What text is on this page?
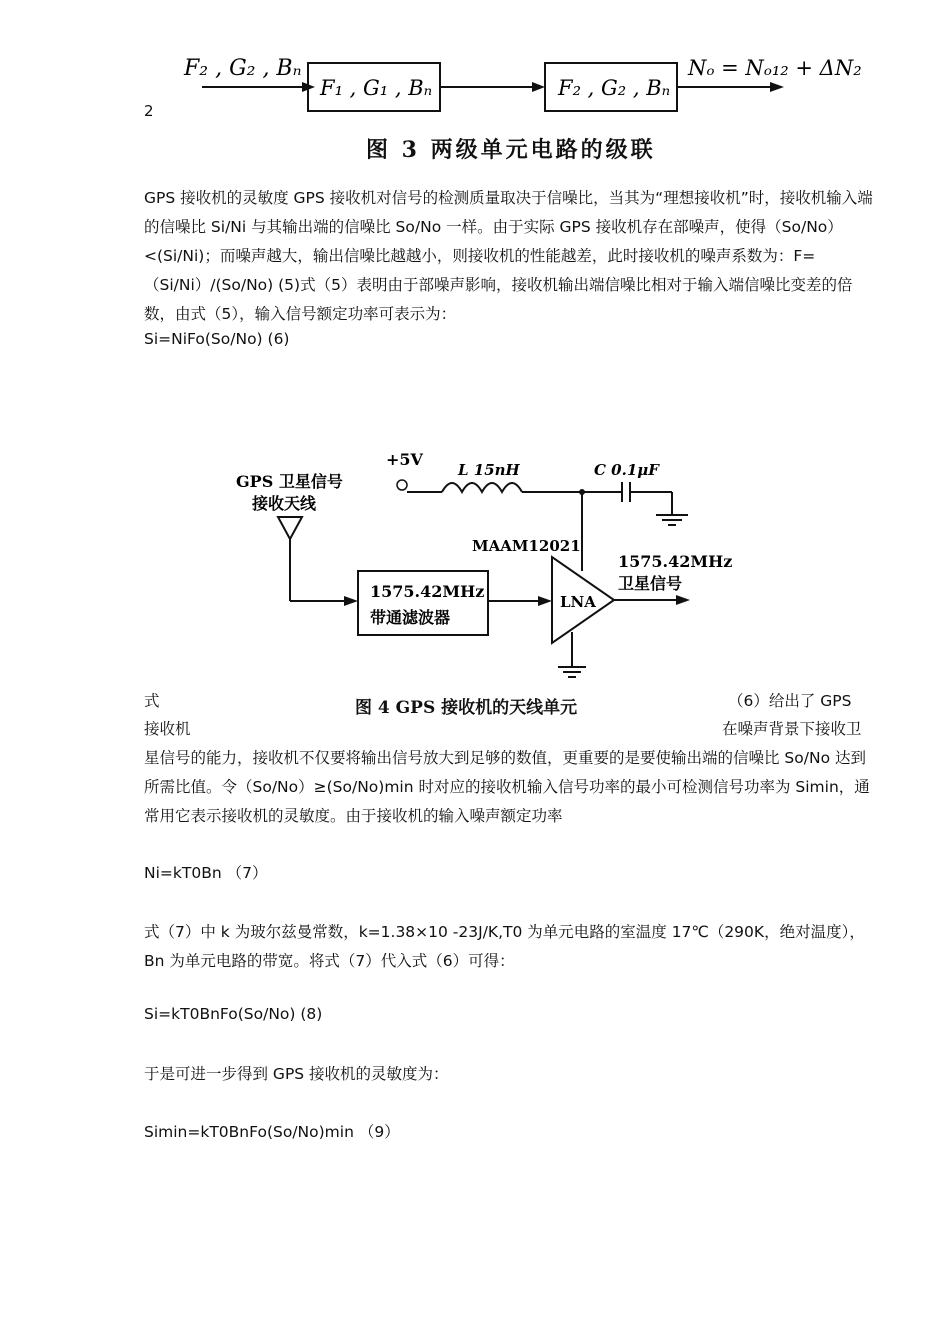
2
F₂ , G₂ , Bₙ
F₁ , G₁ , Bₙ	F₂ , G₂ , Bₙ
Nₒ = Nₒ₁₂ + ΔN₂
图 3 两级单元电路的级联

GPS 接收机的灵敏度 GPS 接收机对信号的检测质量取决于信噪比，当其为“理想接收机”时，接收机输入端的信噪比 Si/Ni 与其输出端的信噪比 So/No 一样。由于实际 GPS 接收机存在部噪声，使得（So/No）<(Si/Ni)；而噪声越大，输出信噪比越越小，则接收机的性能越差，此时接收机的噪声系数为：F=（Si/Ni）/(So/No) (5)式（5）表明由于部噪声影响，接收机输出端信噪比相对于输入端信噪比变差的倍数，由式（5），输入信号额定功率可表示为：

Si=NiFo(So/No) (6)

GPS 卫星信号
接收天线
1575.42MHz
带通滤波器
LNA
1575.42MHz
卫星信号
MAAM12021
+5V
L 15nH	C 0.1μF
图 4 GPS 接收机的天线单元

式

接收机

（6）给出了 GPS

在噪声背景下接收卫

星信号的能力，接收机不仅要将输出信号放大到足够的数值，更重要的是要使输出端的信噪比 So/No 达到所需比值。令（So/No）≥(So/No)min 时对应的接收机输入信号功率的最小可检测信号功率为 Simin，通常用它表示接收机的灵敏度。由于接收机的输入噪声额定功率

Ni=kT0Bn （7）

式（7）中 k 为玻尔兹曼常数，k=1.38×10 -23J/K,T0 为单元电路的室温度 17℃（290K，绝对温度），Bn 为单元电路的带宽。将式（7）代入式（6）可得：

Si=kT0BnFo(So/No) (8)

于是可进一步得到 GPS 接收机的灵敏度为：

Simin=kT0BnFo(So/No)min （9）
